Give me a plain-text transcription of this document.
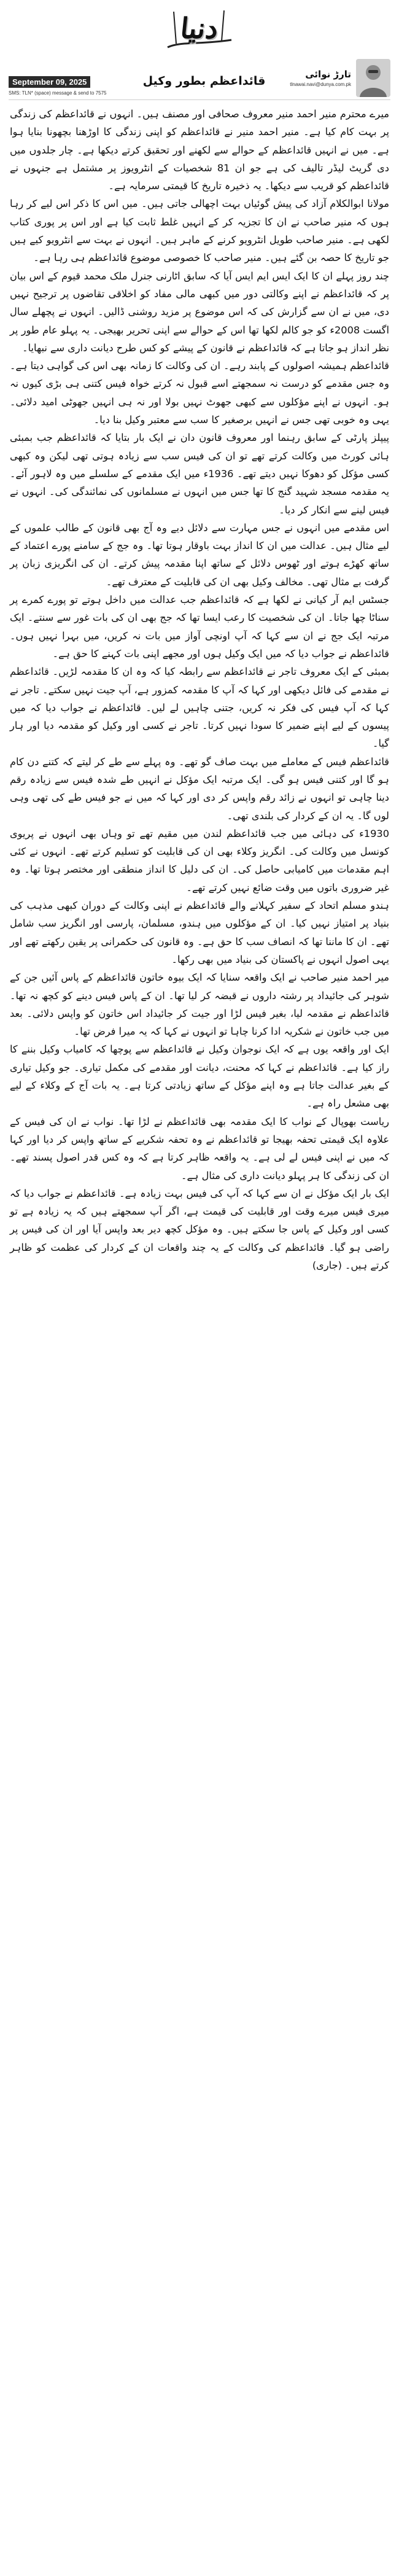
دنیا
September 09, 2025
SMS: TLN* (space) message & send to 7575
قائداعظم بطور وکیل	تارڑ نوائی
tlnawai.navi@dunya.com.pk

میرے محترم منیر احمد منیر معروف صحافی اور مصنف ہیں۔ انہوں نے قائداعظم کی زندگی پر بہت کام کیا ہے۔ منیر احمد منیر نے قائداعظم کو اپنی زندگی کا اوڑھنا بچھونا بنایا ہوا ہے۔ میں نے انہیں قائداعظم کے حوالے سے لکھنے اور تحقیق کرتے دیکھا ہے۔ چار جلدوں میں دی گریٹ لیڈر تالیف کی ہے جو ان 81 شخصیات کے انٹرویوز پر مشتمل ہے جنہوں نے قائداعظم کو قریب سے دیکھا۔ یہ ذخیرہ تاریخ کا قیمتی سرمایہ ہے۔

مولانا ابوالکلام آزاد کی پیش گوئیاں بہت اچھالی جاتی ہیں۔ میں اس کا ذکر اس لیے کر رہا ہوں کہ منیر صاحب نے ان کا تجزیہ کر کے انہیں غلط ثابت کیا ہے اور اس پر پوری کتاب لکھی ہے۔ منیر صاحب طویل انٹرویو کرنے کے ماہر ہیں۔ انہوں نے بہت سے انٹرویو کیے ہیں جو تاریخ کا حصہ بن گئے ہیں۔ منیر صاحب کا خصوصی موضوع قائداعظم ہی رہا ہے۔

چند روز پہلے ان کا ایک ایس ایم ایس آیا کہ سابق اٹارنی جنرل ملک محمد قیوم کے اس بیان پر کہ قائداعظم نے اپنے وکالتی دور میں کبھی مالی مفاد کو اخلاقی تقاضوں پر ترجیح نہیں دی، میں نے ان سے گزارش کی کہ اس موضوع پر مزید روشنی ڈالیں۔ انہوں نے پچھلے سال اگست 2008ء کو جو کالم لکھا تھا اس کے حوالے سے اپنی تحریر بھیجی۔ یہ پہلو عام طور پر نظر انداز ہو جاتا ہے کہ قائداعظم نے قانون کے پیشے کو کس طرح دیانت داری سے نبھایا۔

قائداعظم ہمیشہ اصولوں کے پابند رہے۔ ان کی وکالت کا زمانہ بھی اس کی گواہی دیتا ہے۔ وہ جس مقدمے کو درست نہ سمجھتے اسے قبول نہ کرتے خواہ فیس کتنی ہی بڑی کیوں نہ ہو۔ انہوں نے اپنے مؤکلوں سے کبھی جھوٹ نہیں بولا اور نہ ہی انہیں جھوٹی امید دلائی۔ یہی وہ خوبی تھی جس نے انہیں برصغیر کا سب سے معتبر وکیل بنا دیا۔

پیپلز پارٹی کے سابق رہنما اور معروف قانون دان نے ایک بار بتایا کہ قائداعظم جب بمبئی ہائی کورٹ میں وکالت کرتے تھے تو ان کی فیس سب سے زیادہ ہوتی تھی لیکن وہ کبھی کسی مؤکل کو دھوکا نہیں دیتے تھے۔ 1936ء میں ایک مقدمے کے سلسلے میں وہ لاہور آئے۔ یہ مقدمہ مسجد شہید گنج کا تھا جس میں انہوں نے مسلمانوں کی نمائندگی کی۔ انہوں نے فیس لینے سے انکار کر دیا۔

اس مقدمے میں انہوں نے جس مہارت سے دلائل دیے وہ آج بھی قانون کے طالب علموں کے لیے مثال ہیں۔ عدالت میں ان کا انداز بہت باوقار ہوتا تھا۔ وہ جج کے سامنے پورے اعتماد کے ساتھ کھڑے ہوتے اور ٹھوس دلائل کے ساتھ اپنا مقدمہ پیش کرتے۔ ان کی انگریزی زبان پر گرفت بے مثال تھی۔ مخالف وکیل بھی ان کی قابلیت کے معترف تھے۔

جسٹس ایم آر کیانی نے لکھا ہے کہ قائداعظم جب عدالت میں داخل ہوتے تو پورے کمرے پر سناٹا چھا جاتا۔ ان کی شخصیت کا رعب ایسا تھا کہ جج بھی ان کی بات غور سے سنتے۔ ایک مرتبہ ایک جج نے ان سے کہا کہ آپ اونچی آواز میں بات نہ کریں، میں بہرا نہیں ہوں۔ قائداعظم نے جواب دیا کہ میں ایک وکیل ہوں اور مجھے اپنی بات کہنے کا حق ہے۔

بمبئی کے ایک معروف تاجر نے قائداعظم سے رابطہ کیا کہ وہ ان کا مقدمہ لڑیں۔ قائداعظم نے مقدمے کی فائل دیکھی اور کہا کہ آپ کا مقدمہ کمزور ہے، آپ جیت نہیں سکتے۔ تاجر نے کہا کہ آپ فیس کی فکر نہ کریں، جتنی چاہیں لے لیں۔ قائداعظم نے جواب دیا کہ میں پیسوں کے لیے اپنے ضمیر کا سودا نہیں کرتا۔ تاجر نے کسی اور وکیل کو مقدمہ دیا اور ہار گیا۔

قائداعظم فیس کے معاملے میں بہت صاف گو تھے۔ وہ پہلے سے طے کر لیتے کہ کتنے دن کام ہو گا اور کتنی فیس ہو گی۔ ایک مرتبہ ایک مؤکل نے انہیں طے شدہ فیس سے زیادہ رقم دینا چاہی تو انہوں نے زائد رقم واپس کر دی اور کہا کہ میں نے جو فیس طے کی تھی وہی لوں گا۔ یہ ان کے کردار کی بلندی تھی۔

1930ء کی دہائی میں جب قائداعظم لندن میں مقیم تھے تو وہاں بھی انہوں نے پریوی کونسل میں وکالت کی۔ انگریز وکلاء بھی ان کی قابلیت کو تسلیم کرتے تھے۔ انہوں نے کئی اہم مقدمات میں کامیابی حاصل کی۔ ان کی دلیل کا انداز منطقی اور مختصر ہوتا تھا۔ وہ غیر ضروری باتوں میں وقت ضائع نہیں کرتے تھے۔

ہندو مسلم اتحاد کے سفیر کہلانے والے قائداعظم نے اپنی وکالت کے دوران کبھی مذہب کی بنیاد پر امتیاز نہیں کیا۔ ان کے مؤکلوں میں ہندو، مسلمان، پارسی اور انگریز سب شامل تھے۔ ان کا ماننا تھا کہ انصاف سب کا حق ہے۔ وہ قانون کی حکمرانی پر یقین رکھتے تھے اور یہی اصول انہوں نے پاکستان کی بنیاد میں بھی رکھا۔

میر احمد منیر صاحب نے ایک واقعہ سنایا کہ ایک بیوہ خاتون قائداعظم کے پاس آئیں جن کے شوہر کی جائیداد پر رشتہ داروں نے قبضہ کر لیا تھا۔ ان کے پاس فیس دینے کو کچھ نہ تھا۔ قائداعظم نے مقدمہ لیا، بغیر فیس لڑا اور جیت کر جائیداد اس خاتون کو واپس دلائی۔ بعد میں جب خاتون نے شکریہ ادا کرنا چاہا تو انہوں نے کہا کہ یہ میرا فرض تھا۔

ایک اور واقعہ یوں ہے کہ ایک نوجوان وکیل نے قائداعظم سے پوچھا کہ کامیاب وکیل بننے کا راز کیا ہے۔ قائداعظم نے کہا کہ محنت، دیانت اور مقدمے کی مکمل تیاری۔ جو وکیل تیاری کے بغیر عدالت جاتا ہے وہ اپنے مؤکل کے ساتھ زیادتی کرتا ہے۔ یہ بات آج کے وکلاء کے لیے بھی مشعل راہ ہے۔

ریاست بھوپال کے نواب کا ایک مقدمہ بھی قائداعظم نے لڑا تھا۔ نواب نے ان کی فیس کے علاوہ ایک قیمتی تحفہ بھیجا تو قائداعظم نے وہ تحفہ شکریے کے ساتھ واپس کر دیا اور کہا کہ میں نے اپنی فیس لے لی ہے۔ یہ واقعہ ظاہر کرتا ہے کہ وہ کس قدر اصول پسند تھے۔ ان کی زندگی کا ہر پہلو دیانت داری کی مثال ہے۔

ایک بار ایک مؤکل نے ان سے کہا کہ آپ کی فیس بہت زیادہ ہے۔ قائداعظم نے جواب دیا کہ میری فیس میرے وقت اور قابلیت کی قیمت ہے، اگر آپ سمجھتے ہیں کہ یہ زیادہ ہے تو کسی اور وکیل کے پاس جا سکتے ہیں۔ وہ مؤکل کچھ دیر بعد واپس آیا اور ان کی فیس پر راضی ہو گیا۔ قائداعظم کی وکالت کے یہ چند واقعات ان کے کردار کی عظمت کو ظاہر کرتے ہیں۔ (جاری)
